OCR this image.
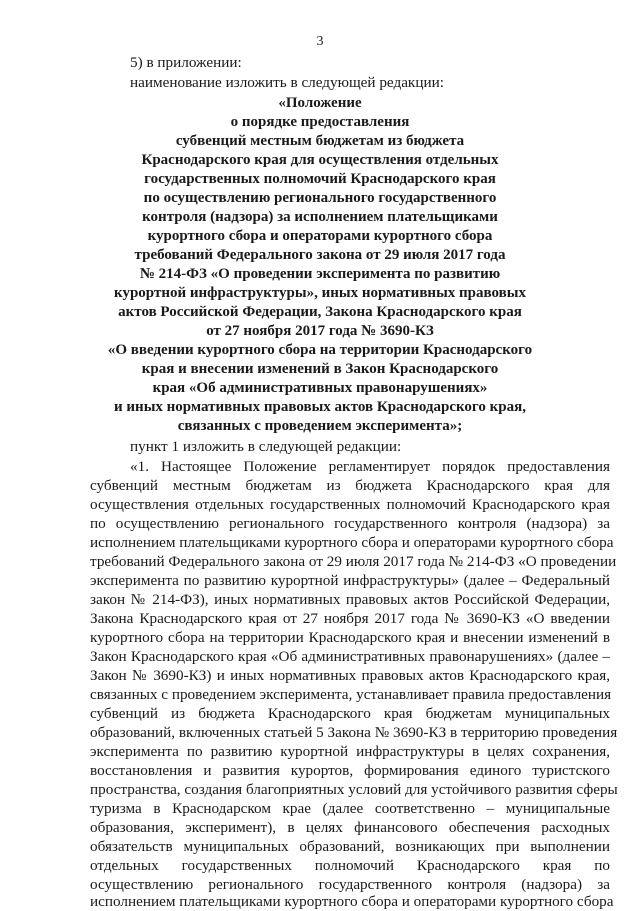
3
5) в приложении:
наименование изложить в следующей редакции:
«Положение
о порядке предоставления
субвенций местным бюджетам из бюджета
Краснодарского края для осуществления отдельных
государственных полномочий Краснодарского края
по осуществлению регионального государственного
контроля (надзора) за исполнением плательщиками
курортного сбора и операторами курортного сбора
требований Федерального закона от 29 июля 2017 года
№ 214-ФЗ «О проведении эксперимента по развитию
курортной инфраструктуры», иных нормативных правовых
актов Российской Федерации, Закона Краснодарского края
от 27 ноября 2017 года № 3690-КЗ
«О введении курортного сбора на территории Краснодарского
края и внесении изменений в Закон Краснодарского
края «Об административных правонарушениях»
и иных нормативных правовых актов Краснодарского края,
связанных с проведением эксперимента»;
пункт 1 изложить в следующей редакции:
«1. Настоящее Положение регламентирует порядок предоставления
субвенций местным бюджетам из бюджета Краснодарского края для
осуществления отдельных государственных полномочий Краснодарского края
по осуществлению регионального государственного контроля (надзора) за
исполнением плательщиками курортного сбора и операторами курортного сбора
требований Федерального закона от 29 июля 2017 года № 214-ФЗ «О проведении
эксперимента по развитию курортной инфраструктуры» (далее – Федеральный
закон № 214-ФЗ), иных нормативных правовых актов Российской Федерации,
Закона Краснодарского края от 27 ноября 2017 года № 3690-КЗ «О введении
курортного сбора на территории Краснодарского края и внесении изменений в
Закон Краснодарского края «Об административных правонарушениях» (далее –
Закон № 3690-КЗ) и иных нормативных правовых актов Краснодарского края,
связанных с проведением эксперимента, устанавливает правила предоставления
субвенций из бюджета Краснодарского края бюджетам муниципальных
образований, включенных статьей 5 Закона № 3690-КЗ в территорию проведения
эксперимента по развитию курортной инфраструктуры в целях сохранения,
восстановления и развития курортов, формирования единого туристского
пространства, создания благоприятных условий для устойчивого развития сферы
туризма в Краснодарском крае (далее соответственно – муниципальные
образования, эксперимент), в целях финансового обеспечения расходных
обязательств муниципальных образований, возникающих при выполнении
отдельных государственных полномочий Краснодарского края по
осуществлению регионального государственного контроля (надзора) за
исполнением плательщиками курортного сбора и операторами курортного сбора
